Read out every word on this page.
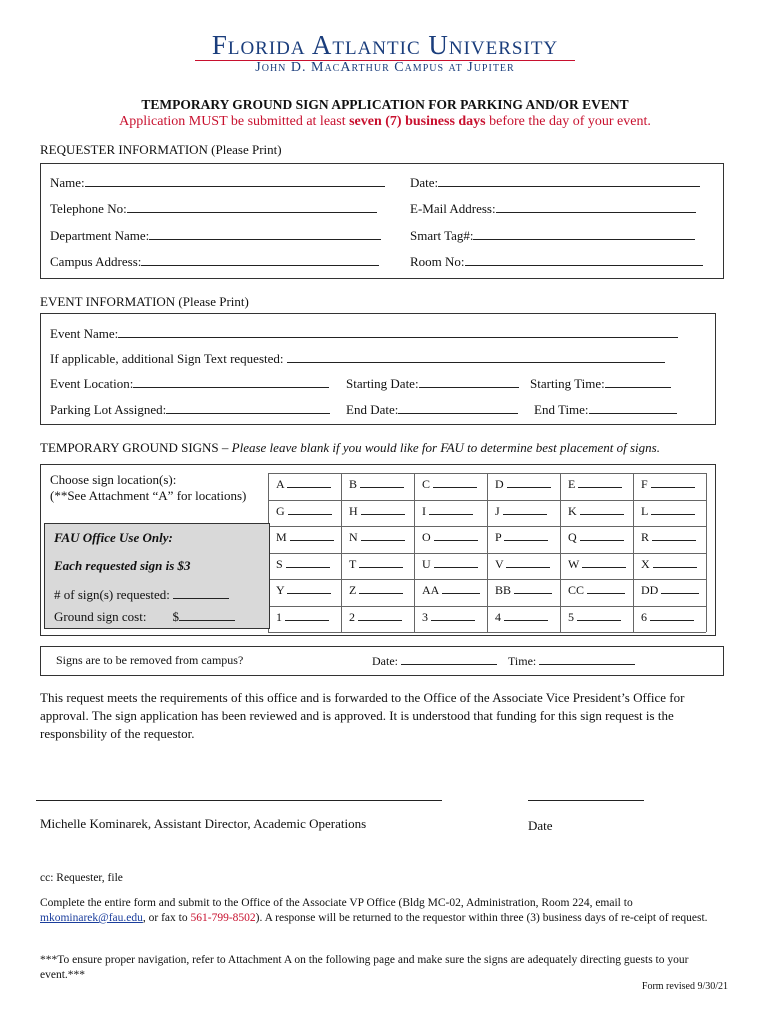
Florida Atlantic University
John D. MacArthur Campus at Jupiter
TEMPORARY GROUND SIGN APPLICATION FOR PARKING AND/OR EVENT
Application MUST be submitted at least seven (7) business days before the day of your event.
REQUESTER INFORMATION (Please Print)
Name:	Date:
Telephone No:	E-Mail Address:
Department Name:	Smart Tag#:
Campus Address:	Room No:
EVENT INFORMATION (Please Print)
Event Name:
If applicable, additional Sign Text requested:
Event Location:	Starting Date:	Starting Time:
Parking Lot Assigned:	End Date:	End Time:
TEMPORARY GROUND SIGNS – Please leave blank if you would like for FAU to determine best placement of signs.
Choose sign location(s):
(**See Attachment “A” for locations)
A	B	C	D	E	F
G	H	I	J	K	L
M	N	O	P	Q	R
S	T	U	V	W	X
Y	Z	AA	BB	CC	DD
1	2	3	4	5	6
FAU Office Use Only:
Each requested sign is $3
# of sign(s) requested:
Ground sign cost: $
Signs are to be removed from campus?	Date:	Time:
This request meets the requirements of this office and is forwarded to the Office of the Associate Vice President’s Office for approval. The sign application has been reviewed and is approved. It is understood that funding for this sign request is the responsbility of the requestor.
Michelle Kominarek, Assistant Director, Academic Operations	Date
cc: Requester, file
Complete the entire form and submit to the Office of the Associate VP Office (Bldg MC-02, Administration, Room 224, email to mkominarek@fau.edu, or fax to 561-799-8502). A response will be returned to the requestor within three (3) business days of re-ceipt of request.
***To ensure proper navigation, refer to Attachment A on the following page and make sure the signs are adequately directing guests to your event.***
Form revised 9/30/21
